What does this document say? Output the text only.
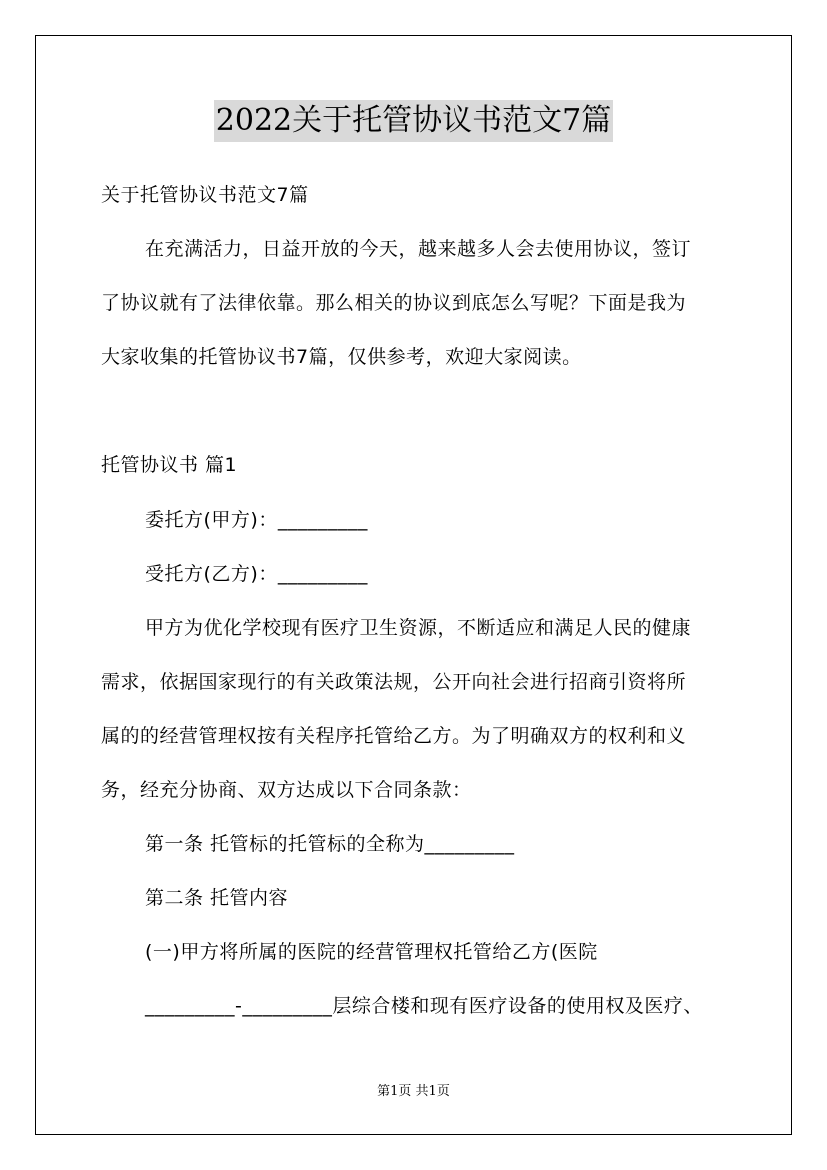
2022关于托管协议书范文7篇
关于托管协议书范文7篇
在充满活力，日益开放的今天，越来越多人会去使用协议，签订
了协议就有了法律依靠。那么相关的协议到底怎么写呢？下面是我为
大家收集的托管协议书7篇，仅供参考，欢迎大家阅读。
托管协议书 篇1
委托方(甲方)：_________
受托方(乙方)：_________
甲方为优化学校现有医疗卫生资源，不断适应和满足人民的健康
需求，依据国家现行的有关政策法规，公开向社会进行招商引资将所
属的的经营管理权按有关程序托管给乙方。为了明确双方的权利和义
务，经充分协商、双方达成以下合同条款：
第一条 托管标的托管标的全称为_________
第二条 托管内容
(一)甲方将所属的医院的经营管理权托管给乙方(医院
_________-_________层综合楼和现有医疗设备的使用权及医疗、
第1页 共1页
